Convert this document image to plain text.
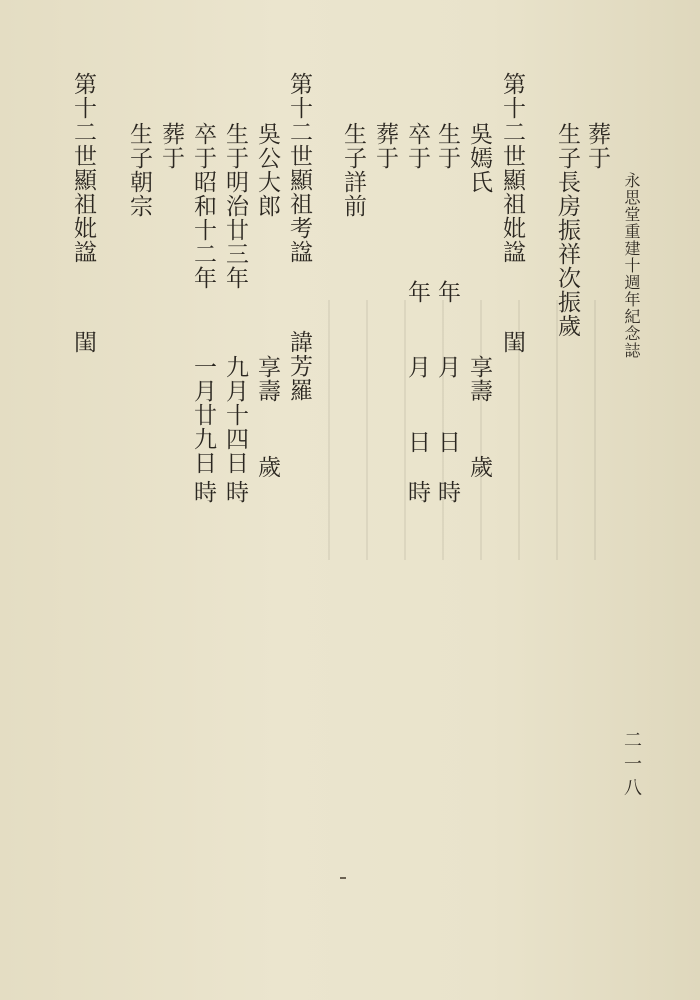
永思堂重建十週年紀念誌
二一八
葬于
生子長房振祥次振歲
第十二世顯祖妣諡
閨
吳嫣氏
享壽
歲
生于
年
月
日
時
卒于
年
月
日
時
葬于
生子詳前
第十二世顯祖考諡
諱芳羅
吳公大郎
享壽
歲
生于明治廿三年
九月十四日
時
卒于昭和十二年
一月廿九日
時
葬于
生子朝宗
第十二世顯祖妣諡
閨
